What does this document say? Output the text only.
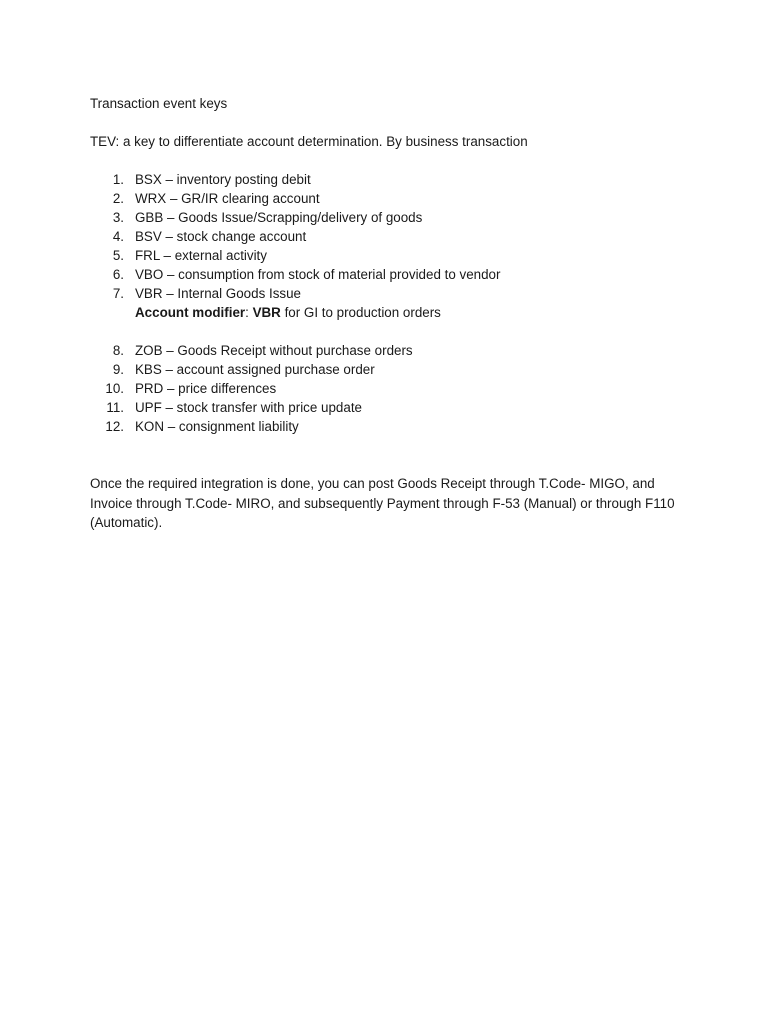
Transaction event keys
TEV: a key to differentiate account determination. By business transaction
1. BSX – inventory posting debit
2. WRX – GR/IR clearing account
3. GBB – Goods Issue/Scrapping/delivery of goods
4. BSV – stock change account
5. FRL – external activity
6. VBO – consumption from stock of material provided to vendor
7. VBR – Internal Goods Issue
Account modifier: VBR for GI to production orders
8. ZOB – Goods Receipt without purchase orders
9. KBS – account assigned purchase order
10. PRD – price differences
11. UPF – stock transfer with price update
12. KON – consignment liability
Once the required integration is done, you can post Goods Receipt through T.Code- MIGO, and Invoice through T.Code- MIRO, and subsequently Payment through F-53 (Manual) or through F110 (Automatic).
